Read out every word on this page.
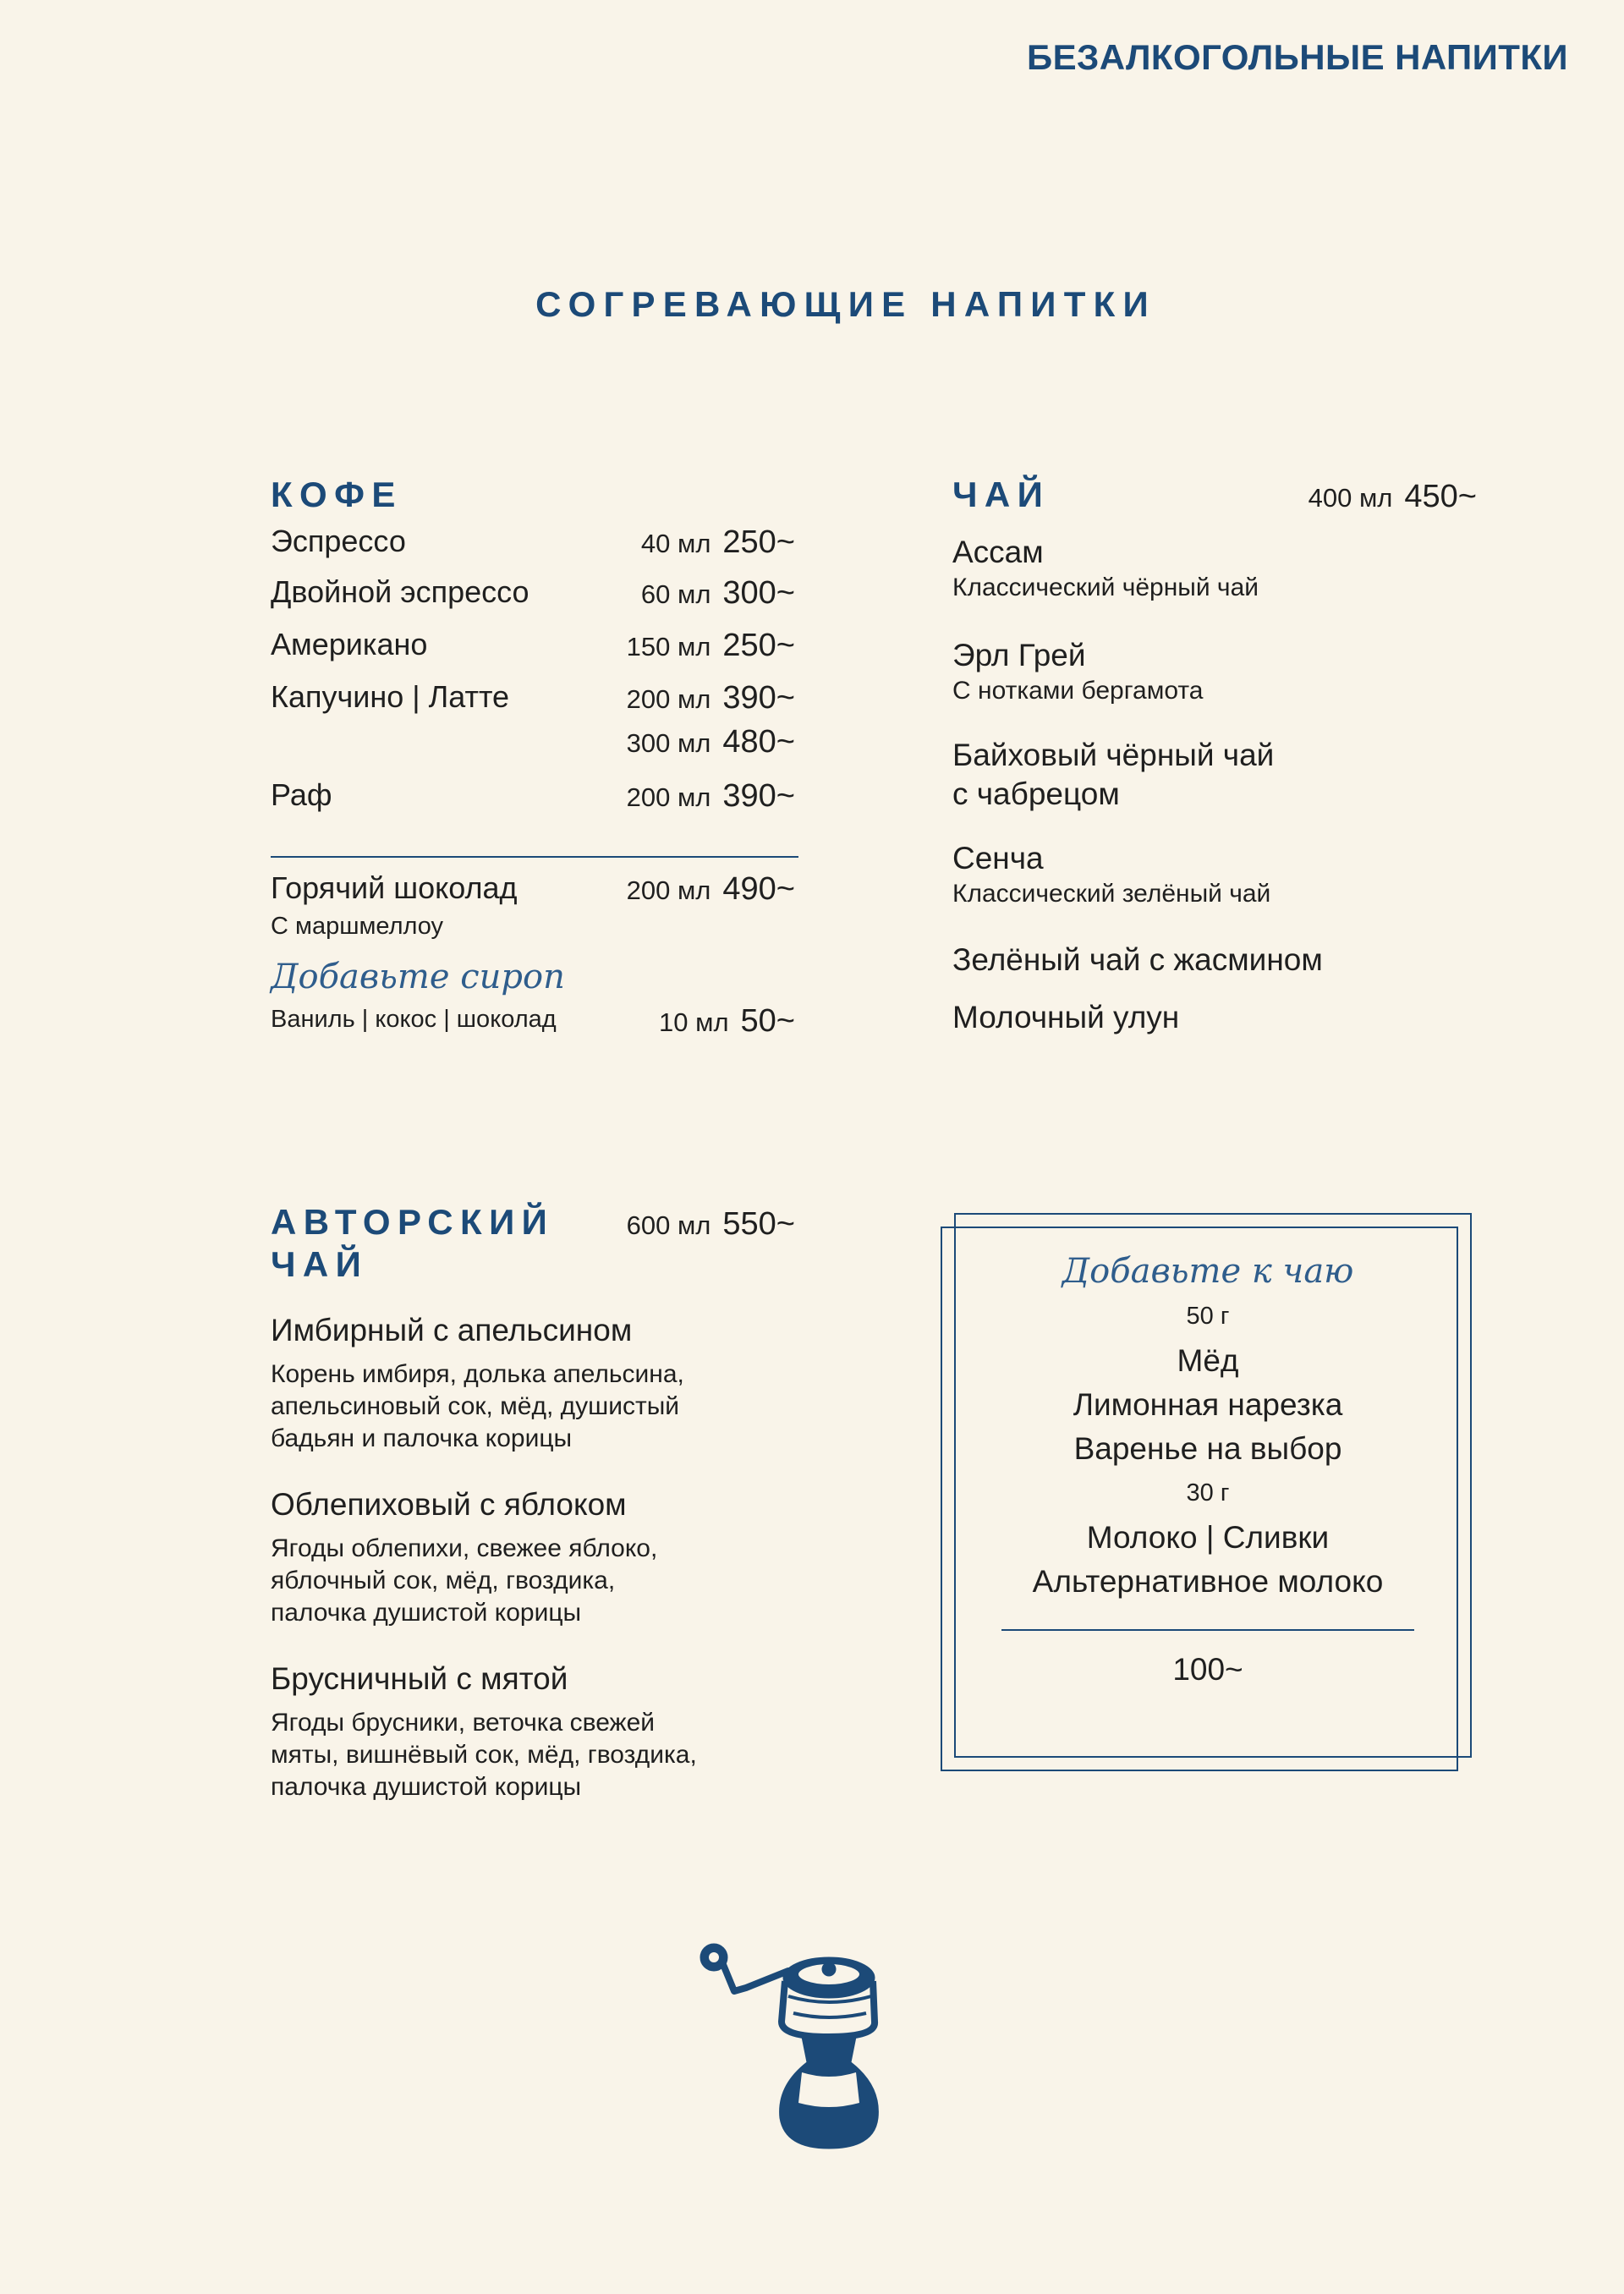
БЕЗАЛКОГОЛЬНЫЕ НАПИТКИ
СОГРЕВАЮЩИЕ НАПИТКИ
КОФЕ
Эспрессо	40 мл 250~
Двойной эспрессо	60 мл 300~
Американо	150 мл 250~
Капучино | Латте	200 мл 390~
300 мл 480~
Раф	200 мл 390~
Горячий шоколад	200 мл 490~
С маршмеллоу
Добавьте сироп
Ваниль | кокос | шоколад	10 мл 50~
ЧАЙ	400 мл 450~
Ассам
Классический чёрный чай
Эрл Грей
С нотками бергамота
Байховый чёрный чай
с чабрецом
Сенча
Классический зелёный чай
Зелёный чай с жасмином
Молочный улун
АВТОРСКИЙ
ЧАЙ
600 мл 550~
Имбирный с апельсином
Корень имбиря, долька апельсина,
апельсиновый сок, мёд, душистый
бадьян и палочка корицы
Облепиховый с яблоком
Ягоды облепихи, свежее яблоко,
яблочный сок, мёд, гвоздика,
палочка душистой корицы
Брусничный с мятой
Ягоды брусники, веточка свежей
мяты, вишнёвый сок, мёд, гвоздика,
палочка душистой корицы
Добавьте к чаю
50 г
Мёд
Лимонная нарезка
Варенье на выбор
30 г
Молоко | Сливки
Альтернативное молоко
100~
